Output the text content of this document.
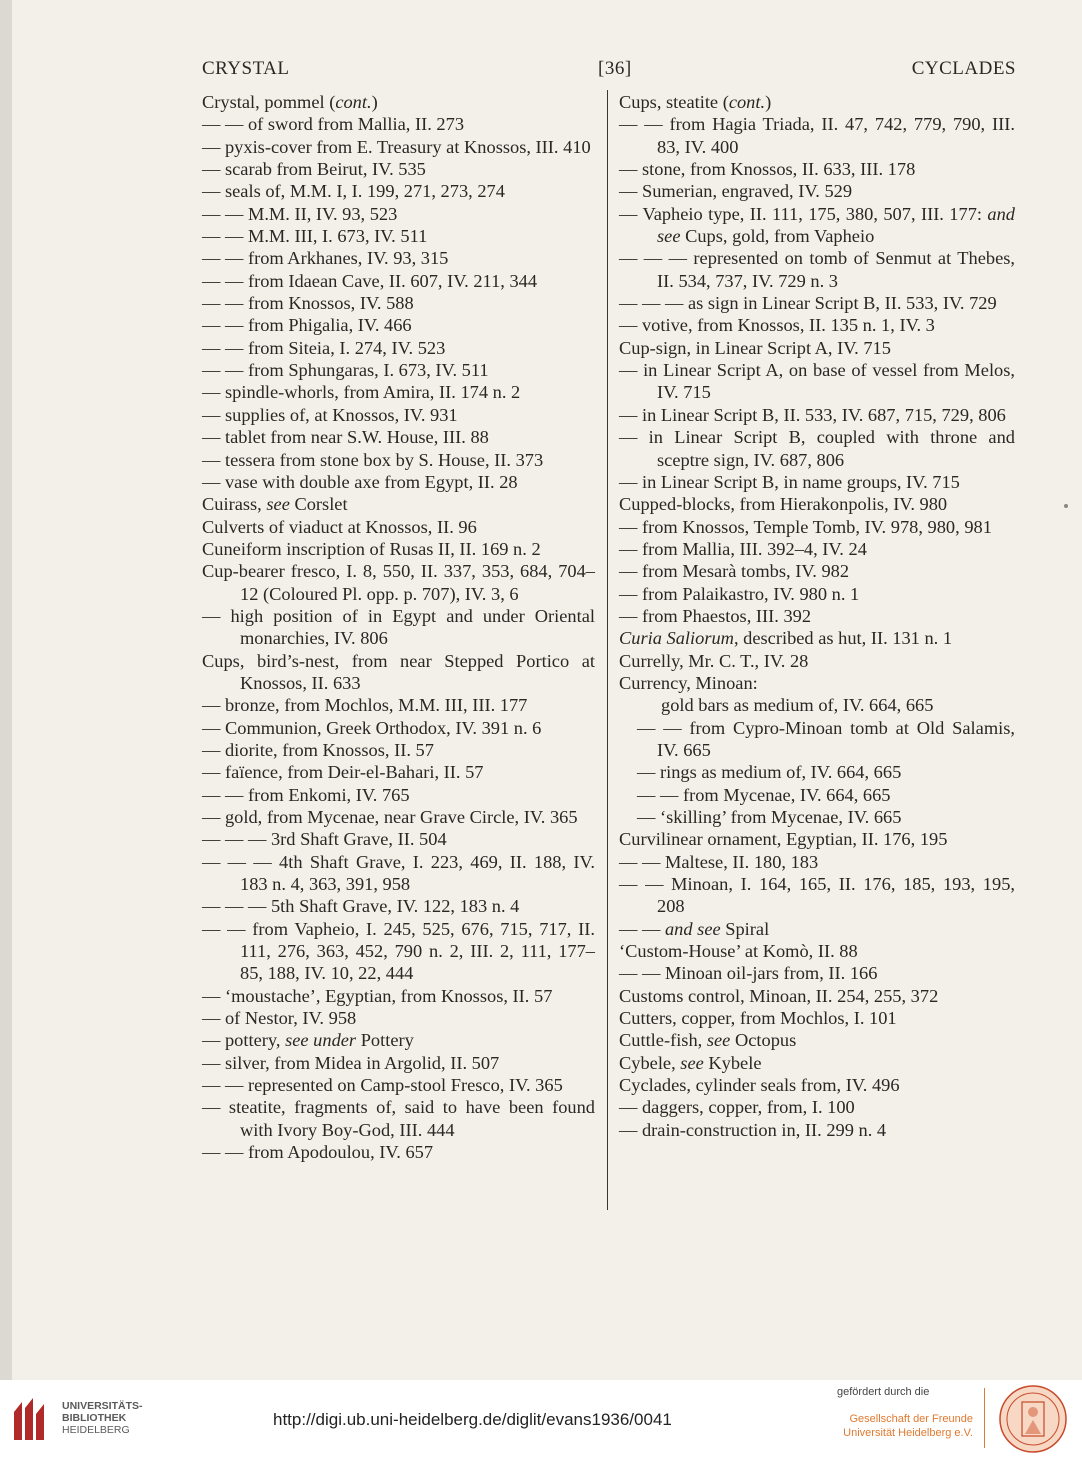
CRYSTAL	[36]	CYCLADES

Crystal, pommel (cont.)

— — of sword from Mallia, II. 273

— pyxis-cover from E. Treasury at Knossos, III. 410

— scarab from Beirut, IV. 535

— seals of, M.M. I, I. 199, 271, 273, 274

— — M.M. II, IV. 93, 523

— — M.M. III, I. 673, IV. 511

— — from Arkhanes, IV. 93, 315

— — from Idaean Cave, II. 607, IV. 211, 344

— — from Knossos, IV. 588

— — from Phigalia, IV. 466

— — from Siteia, I. 274, IV. 523

— — from Sphungaras, I. 673, IV. 511

— spindle-whorls, from Amira, II. 174 n. 2

— supplies of, at Knossos, IV. 931

— tablet from near S.W. House, III. 88

— tessera from stone box by S. House, II. 373

— vase with double axe from Egypt, II. 28

Cuirass, see Corslet

Culverts of viaduct at Knossos, II. 96

Cuneiform inscription of Rusas II, II. 169 n. 2

Cup-bearer fresco, I. 8, 550, II. 337, 353, 684, 704–12 (Coloured Pl. opp. p. 707), IV. 3, 6

— high position of in Egypt and under Oriental monarchies, IV. 806

Cups, bird’s-nest, from near Stepped Portico at Knossos, II. 633

— bronze, from Mochlos, M.M. III, III. 177

— Communion, Greek Orthodox, IV. 391 n. 6

— diorite, from Knossos, II. 57

— faïence, from Deir-el-Bahari, II. 57

— — from Enkomi, IV. 765

— gold, from Mycenae, near Grave Circle, IV. 365

— — — 3rd Shaft Grave, II. 504

— — — 4th Shaft Grave, I. 223, 469, II. 188, IV. 183 n. 4, 363, 391, 958

— — — 5th Shaft Grave, IV. 122, 183 n. 4

— — from Vapheio, I. 245, 525, 676, 715, 717, II. 111, 276, 363, 452, 790 n. 2, III. 2, 111, 177–85, 188, IV. 10, 22, 444

— ‘moustache’, Egyptian, from Knossos, II. 57

— of Nestor, IV. 958

— pottery, see under Pottery

— silver, from Midea in Argolid, II. 507

— — represented on Camp-stool Fresco, IV. 365

— steatite, fragments of, said to have been found with Ivory Boy-God, III. 444

— — from Apodoulou, IV. 657

Cups, steatite (cont.)

— — from Hagia Triada, II. 47, 742, 779, 790, III. 83, IV. 400

— stone, from Knossos, II. 633, III. 178

— Sumerian, engraved, IV. 529

— Vapheio type, II. 111, 175, 380, 507, III. 177: and see Cups, gold, from Vapheio

— — — represented on tomb of Senmut at Thebes, II. 534, 737, IV. 729 n. 3

— — — as sign in Linear Script B, II. 533, IV. 729

— votive, from Knossos, II. 135 n. 1, IV. 3

Cup-sign, in Linear Script A, IV. 715

— in Linear Script A, on base of vessel from Melos, IV. 715

— in Linear Script B, II. 533, IV. 687, 715, 729, 806

— in Linear Script B, coupled with throne and sceptre sign, IV. 687, 806

— in Linear Script B, in name groups, IV. 715

Cupped-blocks, from Hierakonpolis, IV. 980

— from Knossos, Temple Tomb, IV. 978, 980, 981

— from Mallia, III. 392–4, IV. 24

— from Mesarà tombs, IV. 982

— from Palaikastro, IV. 980 n. 1

— from Phaestos, III. 392

Curia Saliorum, described as hut, II. 131 n. 1

Currelly, Mr. C. T., IV. 28

Currency, Minoan:

gold bars as medium of, IV. 664, 665

— — from Cypro-Minoan tomb at Old Salamis, IV. 665

— rings as medium of, IV. 664, 665

— — from Mycenae, IV. 664, 665

— ‘skilling’ from Mycenae, IV. 665

Curvilinear ornament, Egyptian, II. 176, 195

— — Maltese, II. 180, 183

— — Minoan, I. 164, 165, II. 176, 185, 193, 195, 208

— — and see Spiral

‘Custom-House’ at Komò, II. 88

— — Minoan oil-jars from, II. 166

Customs control, Minoan, II. 254, 255, 372

Cutters, copper, from Mochlos, I. 101

Cuttle-fish, see Octopus

Cybele, see Kybele

Cyclades, cylinder seals from, IV. 496

— daggers, copper, from, I. 100

— drain-construction in, II. 299 n. 4

UNIVERSITÄTS-
BIBLIOTHEK
HEIDELBERG
http://digi.ub.uni-heidelberg.de/diglit/evans1936/0041
gefördert durch die
Gesellschaft der Freunde
Universität Heidelberg e.V.
